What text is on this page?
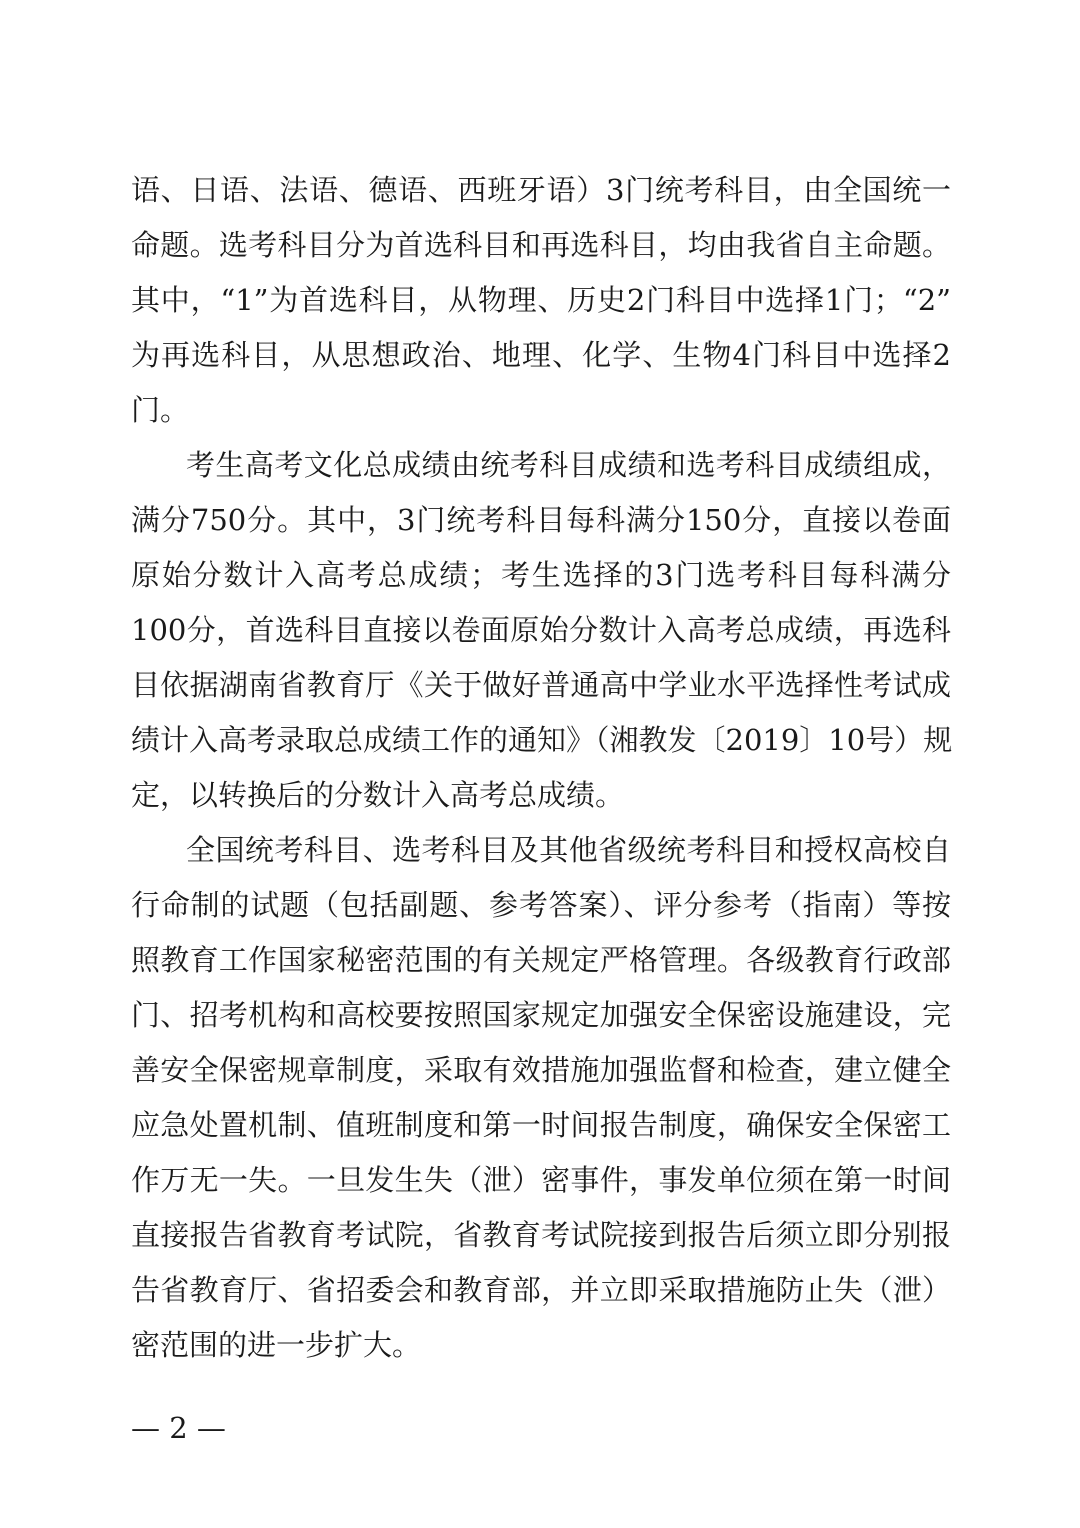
语、日语、法语、德语、西班牙语）3门统考科目，由全国统一
命题。选考科目分为首选科目和再选科目，均由我省自主命题。
其中，“1”为首选科目，从物理、历史2门科目中选择1门；“2”
为再选科目，从思想政治、地理、化学、生物4门科目中选择2
门。
考生高考文化总成绩由统考科目成绩和选考科目成绩组成，
满分750分。其中，3门统考科目每科满分150分，直接以卷面
原始分数计入高考总成绩；考生选择的3门选考科目每科满分
100分，首选科目直接以卷面原始分数计入高考总成绩，再选科
目依据湖南省教育厅《关于做好普通高中学业水平选择性考试成
绩计入高考录取总成绩工作的通知》（湘教发〔2019〕10号）规
定，以转换后的分数计入高考总成绩。
全国统考科目、选考科目及其他省级统考科目和授权高校自
行命制的试题（包括副题、参考答案）、评分参考（指南）等按
照教育工作国家秘密范围的有关规定严格管理。各级教育行政部
门、招考机构和高校要按照国家规定加强安全保密设施建设，完
善安全保密规章制度，采取有效措施加强监督和检查，建立健全
应急处置机制、值班制度和第一时间报告制度，确保安全保密工
作万无一失。一旦发生失（泄）密事件，事发单位须在第一时间
直接报告省教育考试院，省教育考试院接到报告后须立即分别报
告省教育厅、省招委会和教育部，并立即采取措施防止失（泄）
密范围的进一步扩大。
— 2 —
